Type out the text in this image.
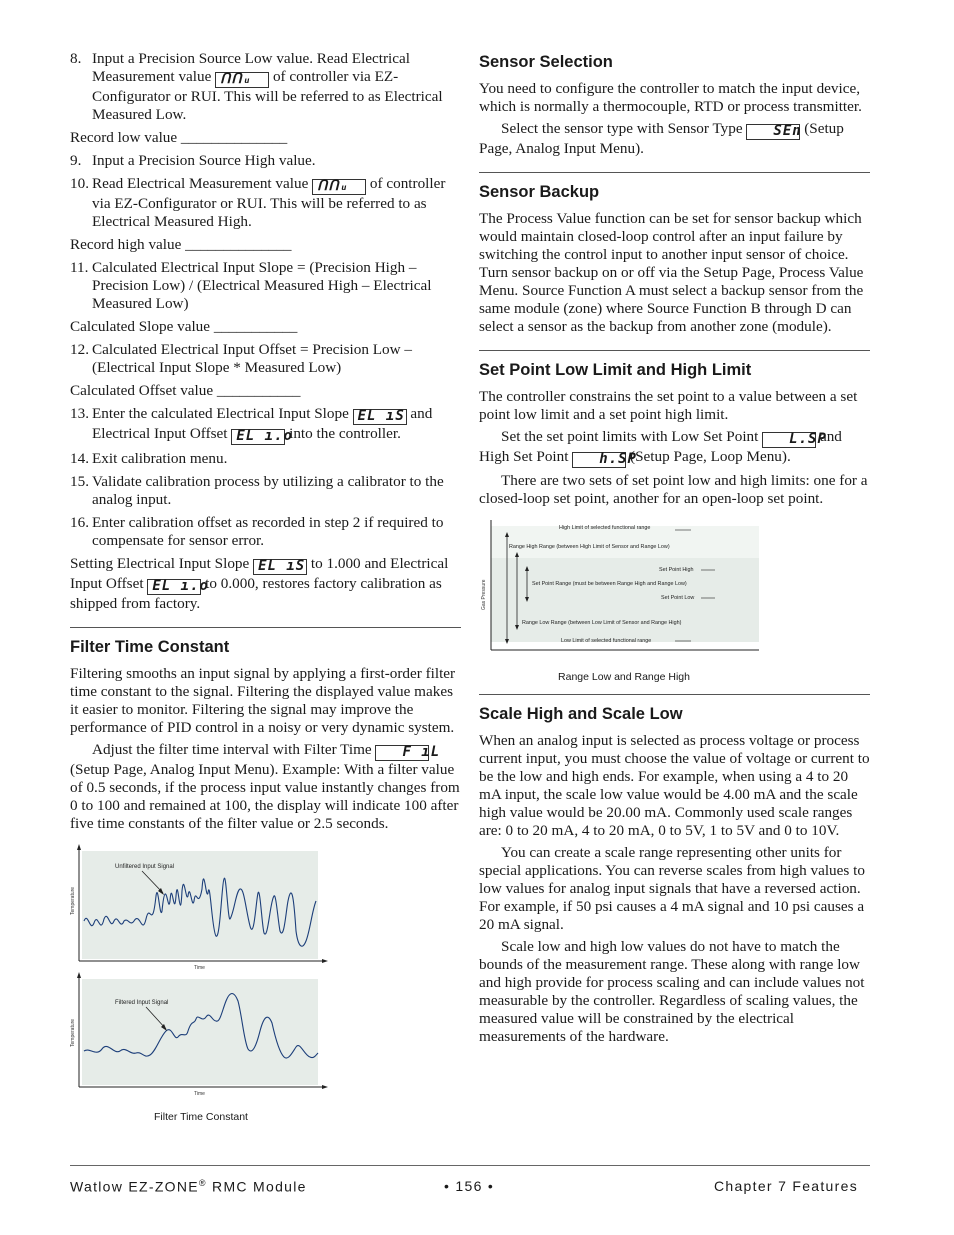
8. Input a Precision Source Low value. Read Electrical Measurement value ᑎᑎᵤ of controller via EZ-Configurator or RUI. This will be referred to as Electrical Measured Low.

Record low value ______________

9. Input a Precision Source High value.
10. Read Electrical Measurement value ᑎᑎᵤ of controller via EZ-Configurator or RUI. This will be referred to as Electrical Measured High.

Record high value ______________

11. Calculated Electrical Input Slope = (Precision High – Precision Low) / (Electrical Measured High – Electrical Measured Low)

Calculated Slope value ___________

12. Calculated Electrical Input Offset = Precision Low – (Electrical Input Slope * Measured Low)

Calculated Offset value ___________

13. Enter the calculated Electrical Input Slope EL ıS and Electrical Input Offset EL ı.o into the controller.
14. Exit calibration menu.
15. Validate calibration process by utilizing a calibrator to the analog input.
16. Enter calibration offset as recorded in step 2 if required to compensate for sensor error.

Setting Electrical Input Slope EL ıS to 1.000 and Electrical Input Offset EL ı.o to 0.000, restores factory calibration as shipped from factory.

Filter Time Constant

Filtering smooths an input signal by applying a first-order filter time constant to the signal. Filtering the displayed value makes it easier to monitor. Filtering the signal may improve the performance of PID control in a noisy or very dynamic system.

Adjust the filter time interval with Filter Time F ıL (Setup Page, Analog Input Menu). Example: With a filter value of 0.5 seconds, if the process input value instantly changes from 0 to 100 and remained at 100, the display will indicate 100 after five time constants of the filter value or 2.5 seconds.

Unfiltered Input Signal
Temperature
Time
Filtered Input Signal
Temperature
Time
Filter Time Constant
Sensor Selection

You need to configure the controller to match the input device, which is normally a thermocouple, RTD or process transmitter.

Select the sensor type with Sensor Type SEn (Setup Page, Analog Input Menu).

Sensor Backup

The Process Value function can be set for sensor backup which would maintain closed-loop control after an input failure by switching the control input to another input sensor of choice. Turn sensor backup on or off via the Setup Page, Process Value Menu. Source Function A must select a backup sensor from the same module (zone) where Source Function B through D can select a sensor as the backup from another zone (module).

Set Point Low Limit and High Limit

The controller constrains the set point to a value between a set point low limit and a set point high limit.

Set the set point limits with Low Set Point L.SP and High Set Point h.SP (Setup Page, Loop Menu).

There are two sets of set point low and high limits: one for a closed-loop set point, another for an open-loop set point.

High Limit of selected functional range
Range High Range (between High Limit of Sensor and Range Low)
Set Point High
Set Point Range (must be between Range High and Range Low)
Set Point Low
Range Low Range (between Low Limit of Sensor and Range High)
Low Limit of selected functional range
Gas Pressure
Range Low and Range High
Scale High and Scale Low

When an analog input is selected as process voltage or process current input, you must choose the value of voltage or current to be the low and high ends. For example, when using a 4 to 20 mA input, the scale low value would be 4.00 mA and the scale high value would be 20.00 mA. Commonly used scale ranges are: 0 to 20 mA, 4 to 20 mA, 0 to 5V, 1 to 5V and 0 to 10V.

You can create a scale range representing other units for special applications. You can reverse scales from high values to low values for analog input signals that have a reversed action. For example, if 50 psi causes a 4 mA signal and 10 psi causes a 20 mA signal.

Scale low and high low values do not have to match the bounds of the measurement range. These along with range low and high provide for process scaling and can include values not measurable by the controller. Regardless of scaling values, the measured value will be constrained by the electrical measurements of the hardware.

Watlow EZ-ZONE® RMC Module	• 156 •	Chapter 7 Features
